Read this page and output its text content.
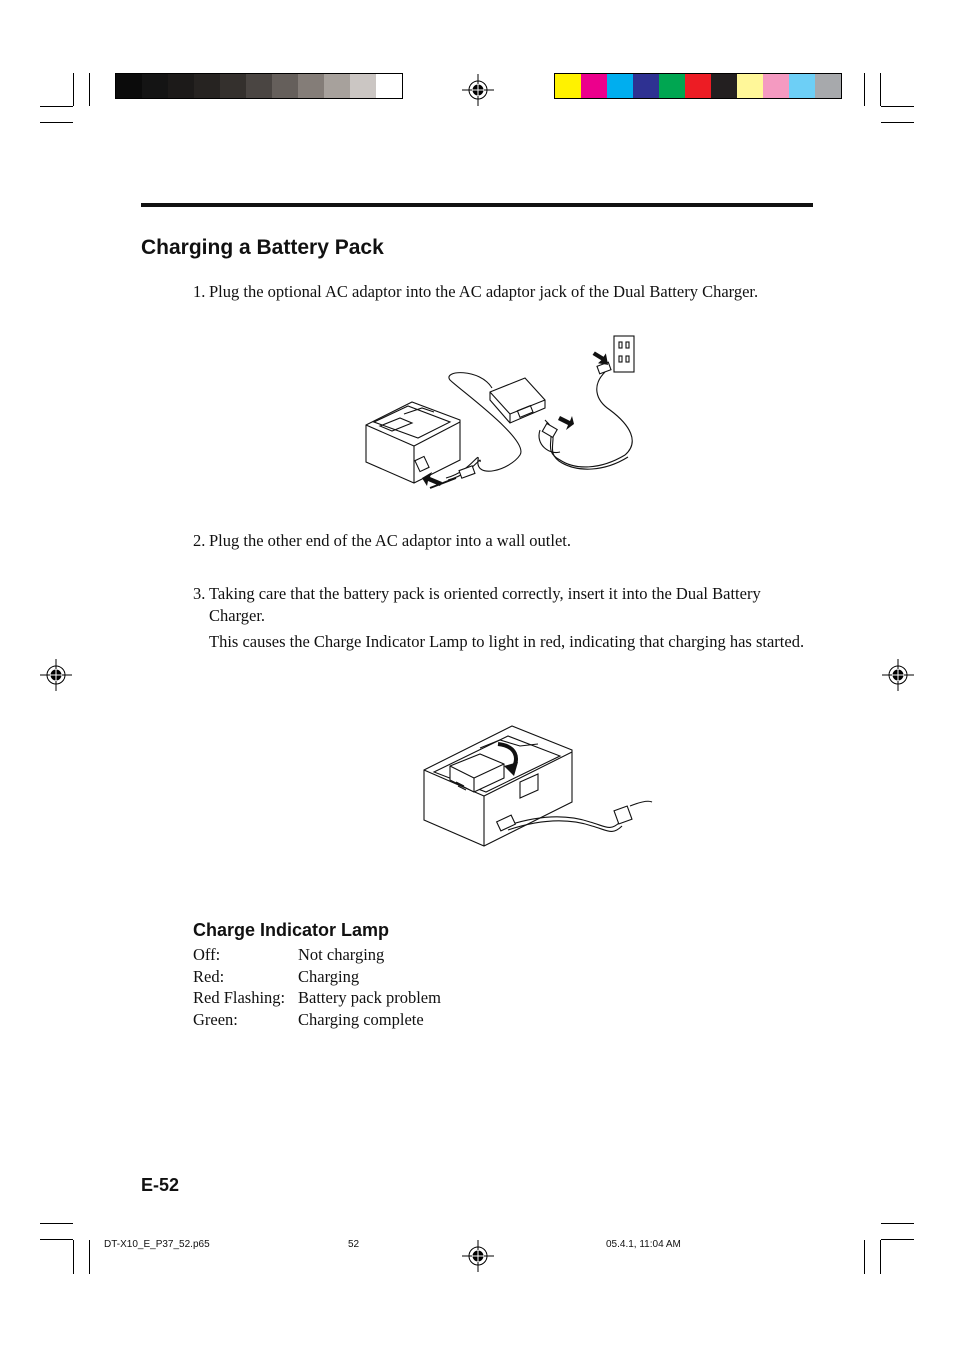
Charging a Battery Pack
1. Plug the optional AC adaptor into the AC adaptor jack of the Dual Battery Charger.

2. Plug the other end of the AC adaptor into a wall outlet.

3. Taking care that the battery pack is oriented correctly, insert it into the Dual Battery Charger.

This causes the Charge Indicator Lamp to light in red, indicating that charging has started.

Charge Indicator Lamp
Off:	Not charging
Red:	Charging
Red Flashing: Battery pack problem
Green:	Charging complete
E-52
DT-X10_E_P37_52.p65	52	05.4.1, 11:04 AM
